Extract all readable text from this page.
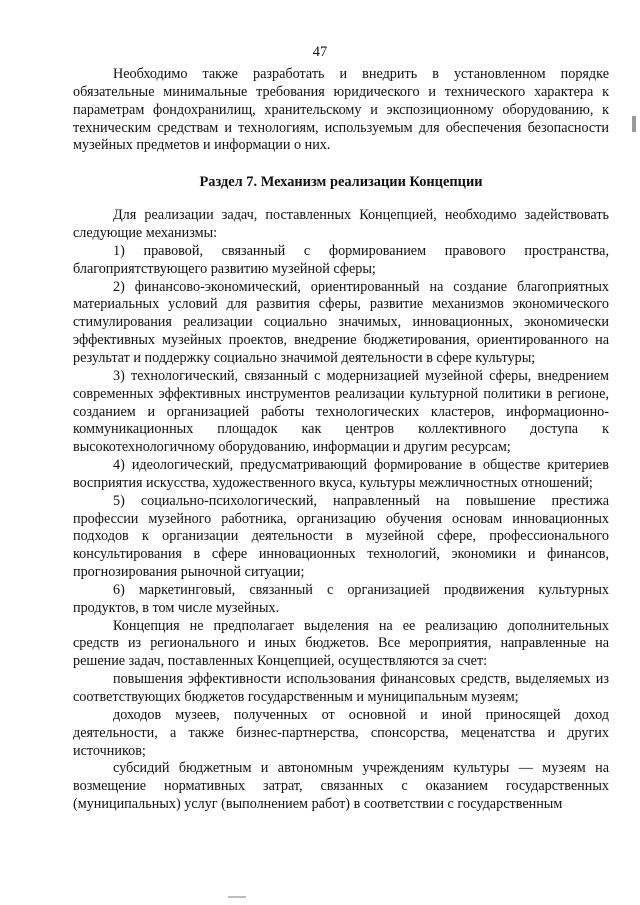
47

Необходимо также разработать и внедрить в установленном порядке обязательные минимальные требования юридического и технического характера к параметрам фондохранилищ, хранительскому и экспозиционному оборудованию, к техническим средствам и технологиям, используемым для обеспечения безопасности музейных предметов и информации о них.

Раздел 7. Механизм реализации Концепции

Для реализации задач, поставленных Концепцией, необходимо задействовать следующие механизмы:

1) правовой, связанный с формированием правового пространства, благоприятствующего развитию музейной сферы;

2) финансово-экономический, ориентированный на создание благоприятных материальных условий для развития сферы, развитие механизмов экономического стимулирования реализации социально значимых, инновационных, экономически эффективных музейных проектов, внедрение бюджетирования, ориентированного на результат и поддержку социально значимой деятельности в сфере культуры;

3) технологический, связанный с модернизацией музейной сферы, внедрением современных эффективных инструментов реализации культурной политики в регионе, созданием и организацией работы технологических кластеров, информационно-коммуникационных площадок как центров коллективного доступа к высокотехнологичному оборудованию, информации и другим ресурсам;

4) идеологический, предусматривающий формирование в обществе критериев восприятия искусства, художественного вкуса, культуры межличностных отношений;

5) социально-психологический, направленный на повышение престижа профессии музейного работника, организацию обучения основам инновационных подходов к организации деятельности в музейной сфере, профессионального консультирования в сфере инновационных технологий, экономики и финансов, прогнозирования рыночной ситуации;

6) маркетинговый, связанный с организацией продвижения культурных продуктов, в том числе музейных.

Концепция не предполагает выделения на ее реализацию дополнительных средств из регионального и иных бюджетов. Все мероприятия, направленные на решение задач, поставленных Концепцией, осуществляются за счет:

повышения эффективности использования финансовых средств, выделяемых из соответствующих бюджетов государственным и муниципальным музеям;

доходов музеев, полученных от основной и иной приносящей доход деятельности, а также бизнес-партнерства, спонсорства, меценатства и других источников;

субсидий бюджетным и автономным учреждениям культуры — музеям на возмещение нормативных затрат, связанных с оказанием государственных (муниципальных) услуг (выполнением работ) в соответствии с государственным
